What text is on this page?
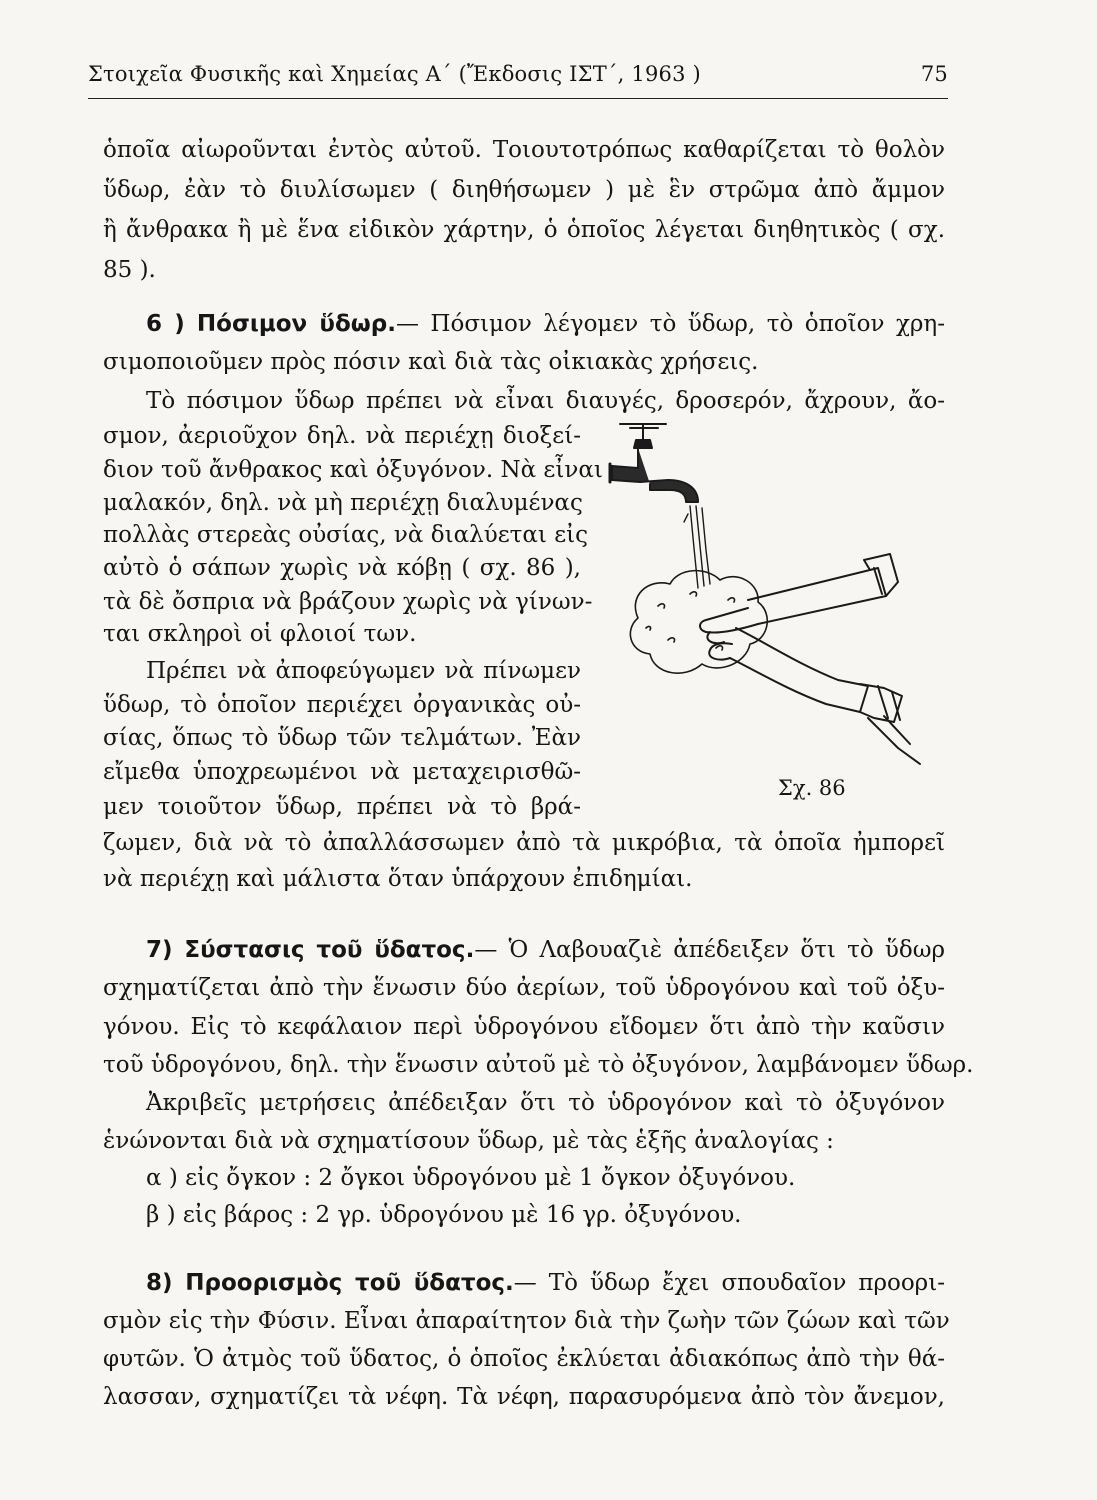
Στοιχεῖα Φυσικῆς καὶ Χημείας Α΄ (Ἔκδοσις ΙΣΤ΄, 1963 )	75

ὁποῖα αἰωροῦνται ἐντὸς αὐτοῦ. Τοιουτοτρόπως καθαρίζεται τὸ θολὸν

ὕδωρ, ἐὰν τὸ διυλίσωμεν ( διηθήσωμεν ) μὲ ἓν στρῶμα ἀπὸ ἄμμον

ἢ ἄνθρακα ἢ μὲ ἕνα εἰδικὸν χάρτην, ὁ ὁποῖος λέγεται διηθητικὸς ( σχ.

85 ).

6 ) Πόσιμον ὕδωρ.— Πόσιμον λέγομεν τὸ ὕδωρ, τὸ ὁποῖον χρη-

σιμοποιοῦμεν πρὸς πόσιν καὶ διὰ τὰς οἰκιακὰς χρήσεις.

Τὸ πόσιμον ὕδωρ πρέπει νὰ εἶναι διαυγές, δροσερόν, ἄχρουν, ἄο-

σμον, ἀεριοῦχον δηλ. νὰ περιέχῃ διοξεί-

διον τοῦ ἄνθρακος καὶ ὀξυγόνον. Νὰ εἶναι

μαλακόν, δηλ. νὰ μὴ περιέχῃ διαλυμένας

πολλὰς στερεὰς οὐσίας, νὰ διαλύεται εἰς

αὐτὸ ὁ σάπων χωρὶς νὰ κόβῃ ( σχ. 86 ),

τὰ δὲ ὄσπρια νὰ βράζουν χωρὶς νὰ γίνων-

ται σκληροὶ οἱ φλοιοί των.

Πρέπει νὰ ἀποφεύγωμεν νὰ πίνωμεν

ὕδωρ, τὸ ὁποῖον περιέχει ὀργανικὰς οὐ-

σίας, ὅπως τὸ ὕδωρ τῶν τελμάτων. Ἐὰν

εἴμεθα ὑποχρεωμένοι νὰ μεταχειρισθῶ-

μεν τοιοῦτον ὕδωρ, πρέπει νὰ τὸ βρά-

ζωμεν, διὰ νὰ τὸ ἀπαλλάσσωμεν ἀπὸ τὰ μικρόβια, τὰ ὁποῖα ἠμπορεῖ

νὰ περιέχῃ καὶ μάλιστα ὅταν ὑπάρχουν ἐπιδημίαι.

Σχ. 86

7) Σύστασις τοῦ ὕδατος.— Ὁ Λαβουαζιὲ ἀπέδειξεν ὅτι τὸ ὕδωρ

σχηματίζεται ἀπὸ τὴν ἕνωσιν δύο ἀερίων, τοῦ ὑδρογόνου καὶ τοῦ ὀξυ-

γόνου. Εἰς τὸ κεφάλαιον περὶ ὑδρογόνου εἴδομεν ὅτι ἀπὸ τὴν καῦσιν

τοῦ ὑδρογόνου, δηλ. τὴν ἕνωσιν αὐτοῦ μὲ τὸ ὀξυγόνον, λαμβάνομεν ὕδωρ.

Ἀκριβεῖς μετρήσεις ἀπέδειξαν ὅτι τὸ ὑδρογόνον καὶ τὸ ὀξυγόνον

ἑνώνονται διὰ νὰ σχηματίσουν ὕδωρ, μὲ τὰς ἑξῆς ἀναλογίας :

α ) εἰς ὄγκον : 2 ὄγκοι ὑδρογόνου μὲ 1 ὄγκον ὀξυγόνου.

β ) εἰς βάρος : 2 γρ. ὑδρογόνου μὲ 16 γρ. ὀξυγόνου.

8) Προορισμὸς τοῦ ὕδατος.— Τὸ ὕδωρ ἔχει σπουδαῖον προορι-

σμὸν εἰς τὴν Φύσιν. Εἶναι ἀπαραίτητον διὰ τὴν ζωὴν τῶν ζώων καὶ τῶν

φυτῶν. Ὁ ἀτμὸς τοῦ ὕδατος, ὁ ὁποῖος ἐκλύεται ἀδιακόπως ἀπὸ τὴν θά-

λασσαν, σχηματίζει τὰ νέφη. Τὰ νέφη, παρασυρόμενα ἀπὸ τὸν ἄνεμον,
